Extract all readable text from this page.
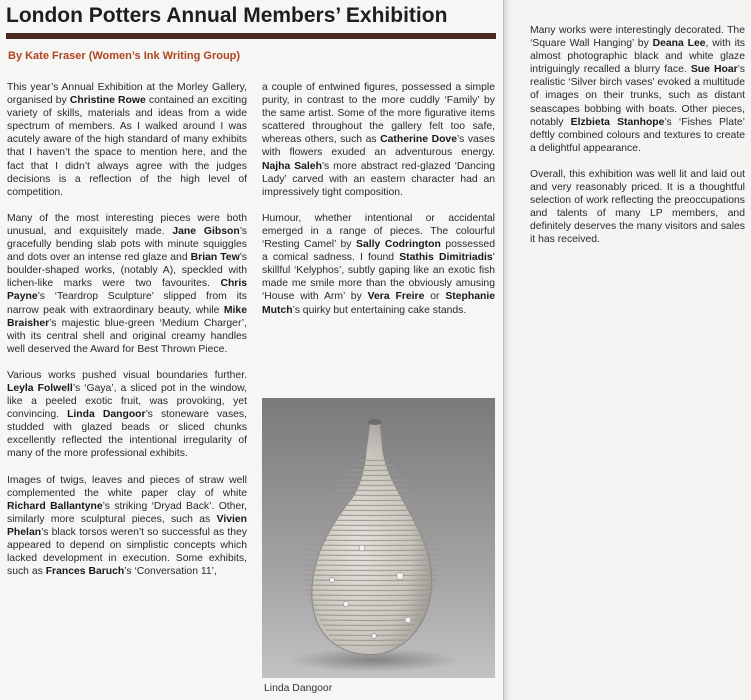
London Potters Annual Members’ Exhibition
By Kate Fraser (Women’s Ink Writing Group)

This year’s Annual Exhibition at the Morley Gallery, organised by Christine Rowe contained an exciting variety of skills, materials and ideas from a wide spectrum of members. As I walked around I was acutely aware of the high standard of many exhibits that I haven’t the space to mention here, and the fact that I didn’t always agree with the judges decisions is a reflection of the high level of competition.

Many of the most interesting pieces were both unusual, and exquisitely made. Jane Gibson’s gracefully bending slab pots with minute squiggles and dots over an intense red glaze and Brian Tew’s boulder-shaped works, (notably A), speckled with lichen-like marks were two favourites. Chris Payne’s ‘Teardrop Sculpture’ slipped from its narrow peak with extraordinary beauty, while Mike Braisher’s majestic blue-green ‘Medium Charger’, with its central shell and original creamy handles well deserved the Award for Best Thrown Piece.

Various works pushed visual boundaries further. Leyla Folwell’s ‘Gaya’, a sliced pot in the window, like a peeled exotic fruit, was provoking, yet convincing. Linda Dangoor’s stoneware vases, studded with glazed beads or sliced chunks excellently reflected the intentional irregularity of many of the more professional exhibits.

Images of twigs, leaves and pieces of straw well complemented the white paper clay of white Richard Ballantyne’s striking ‘Dryad Back’. Other, similarly more sculptural pieces, such as Vivien Phelan’s black torsos weren’t so successful as they appeared to depend on simplistic concepts which lacked development in execution. Some exhibits, such as Frances Baruch’s ‘Conversation 11’,

a couple of entwined figures, possessed a simple purity, in contrast to the more cuddly ‘Family’ by the same artist. Some of the more figurative items scattered throughout the gallery felt too safe, whereas others, such as Catherine Dove’s vases with flowers exuded an adventurous energy. Najha Saleh’s more abstract red-glazed ‘Dancing Lady’ carved with an eastern character had an impressively tight composition.

Humour, whether intentional or accidental emerged in a range of pieces. The colourful ‘Resting Camel’ by Sally Codrington possessed a comical sadness. I found Stathis Dimitriadis’ skillful ‘Kelyphos’, subtly gaping like an exotic fish made me smile more than the obviously amusing ‘House with Arm’ by Vera Freire or Stephanie Mutch’s quirky but entertaining cake stands.

Many works were interestingly decorated. The ‘Square Wall Hanging’ by Deana Lee, with its almost photographic black and white glaze intriguingly recalled a blurry face. Sue Hoar’s realistic ‘Silver birch vases’ evoked a multitude of images on their trunks, such as distant seascapes bobbing with boats. Other pieces, notably Elzbieta Stanhope’s ‘Fishes Plate’ deftly combined colours and textures to create a delightful appearance.

Overall, this exhibition was well lit and laid out and very reasonably priced. It is a thoughtful selection of work reflecting the preoccupations and talents of many LP members, and definitely deserves the many visitors and sales it has received.

Linda Dangoor
